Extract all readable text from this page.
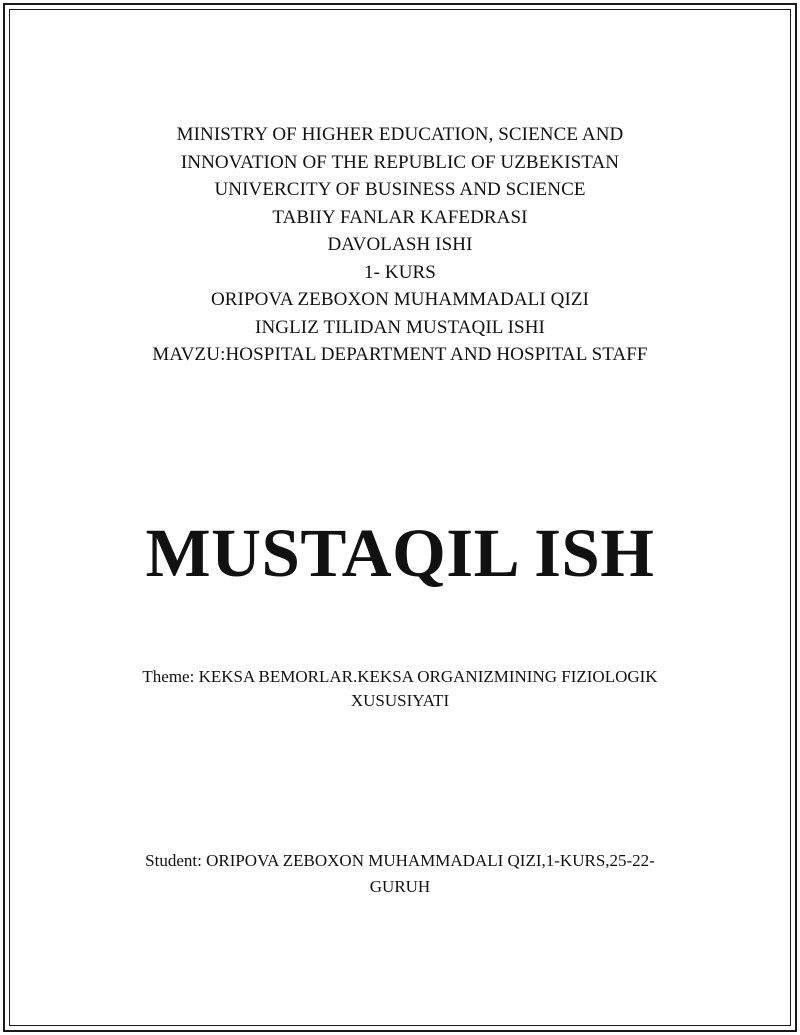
MINISTRY OF HIGHER EDUCATION, SCIENCE AND
INNOVATION OF THE REPUBLIC OF UZBEKISTAN
UNIVERCITY OF BUSINESS AND SCIENCE
TABIIY FANLAR KAFEDRASI
DAVOLASH ISHI
1- KURS
ORIPOVA ZEBOXON MUHAMMADALI QIZI
INGLIZ TILIDAN MUSTAQIL ISHI
MAVZU:HOSPITAL DEPARTMENT AND HOSPITAL STAFF
MUSTAQIL ISH
Theme: KEKSA BEMORLAR.KEKSA ORGANIZMINING FIZIOLOGIK
XUSUSIYATI
Student: ORIPOVA ZEBOXON MUHAMMADALI QIZI,1-KURS,25-22-
GURUH
